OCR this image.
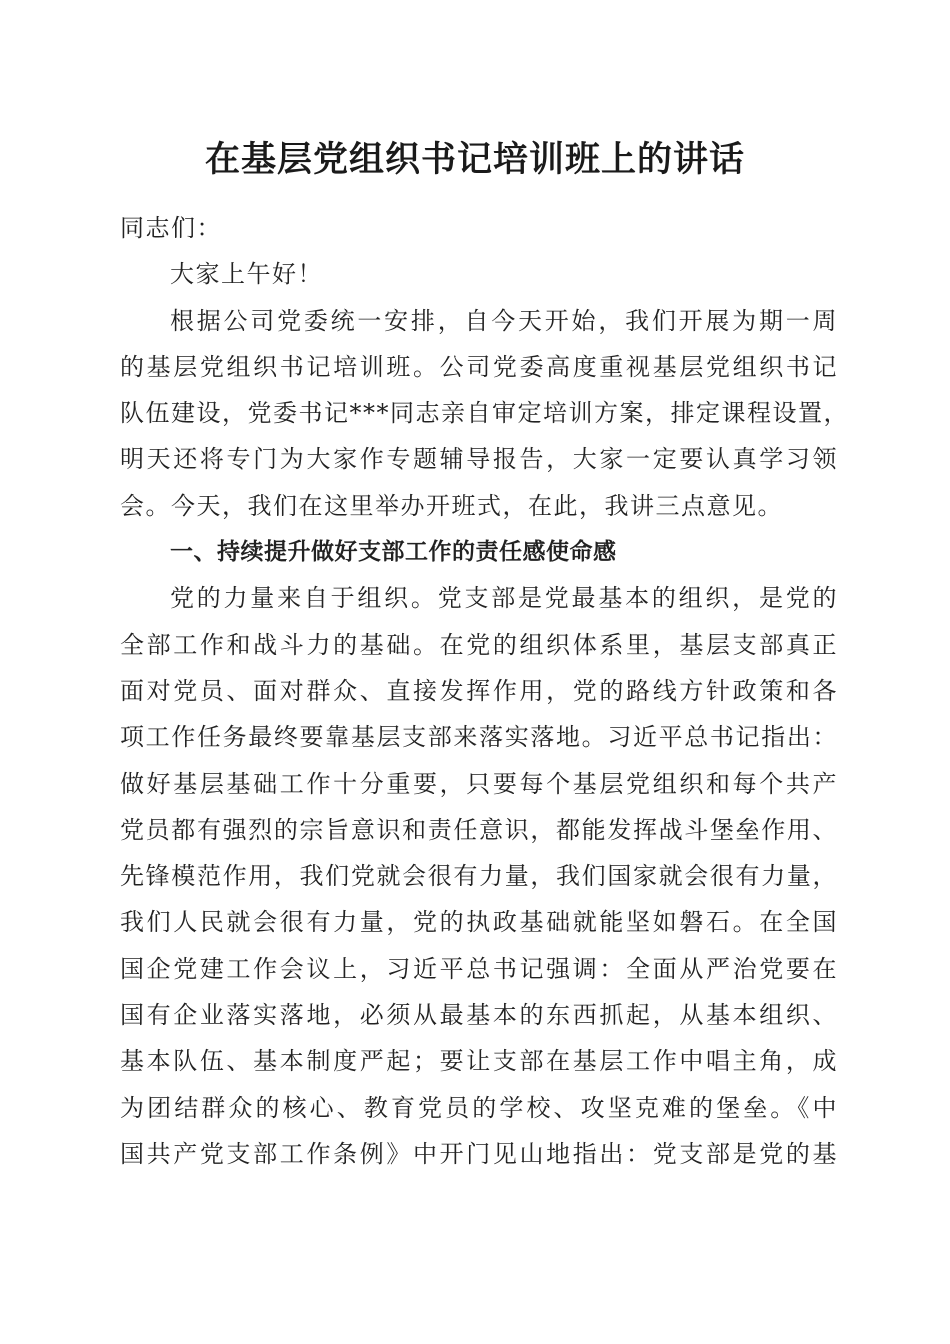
在基层党组织书记培训班上的讲话
同志们：
大家上午好！
根据公司党委统一安排，自今天开始，我们开展为期一周
的基层党组织书记培训班。公司党委高度重视基层党组织书记
队伍建设，党委书记***同志亲自审定培训方案，排定课程设置，
明天还将专门为大家作专题辅导报告，大家一定要认真学习领
会。今天，我们在这里举办开班式，在此，我讲三点意见。
一、持续提升做好支部工作的责任感使命感
党的力量来自于组织。党支部是党最基本的组织，是党的
全部工作和战斗力的基础。在党的组织体系里，基层支部真正
面对党员、面对群众、直接发挥作用，党的路线方针政策和各
项工作任务最终要靠基层支部来落实落地。习近平总书记指出：
做好基层基础工作十分重要，只要每个基层党组织和每个共产
党员都有强烈的宗旨意识和责任意识，都能发挥战斗堡垒作用、
先锋模范作用，我们党就会很有力量，我们国家就会很有力量，
我们人民就会很有力量，党的执政基础就能坚如磐石。在全国
国企党建工作会议上，习近平总书记强调：全面从严治党要在
国有企业落实落地，必须从最基本的东西抓起，从基本组织、
基本队伍、基本制度严起；要让支部在基层工作中唱主角，成
为团结群众的核心、教育党员的学校、攻坚克难的堡垒。《中
国共产党支部工作条例》中开门见山地指出：党支部是党的基
